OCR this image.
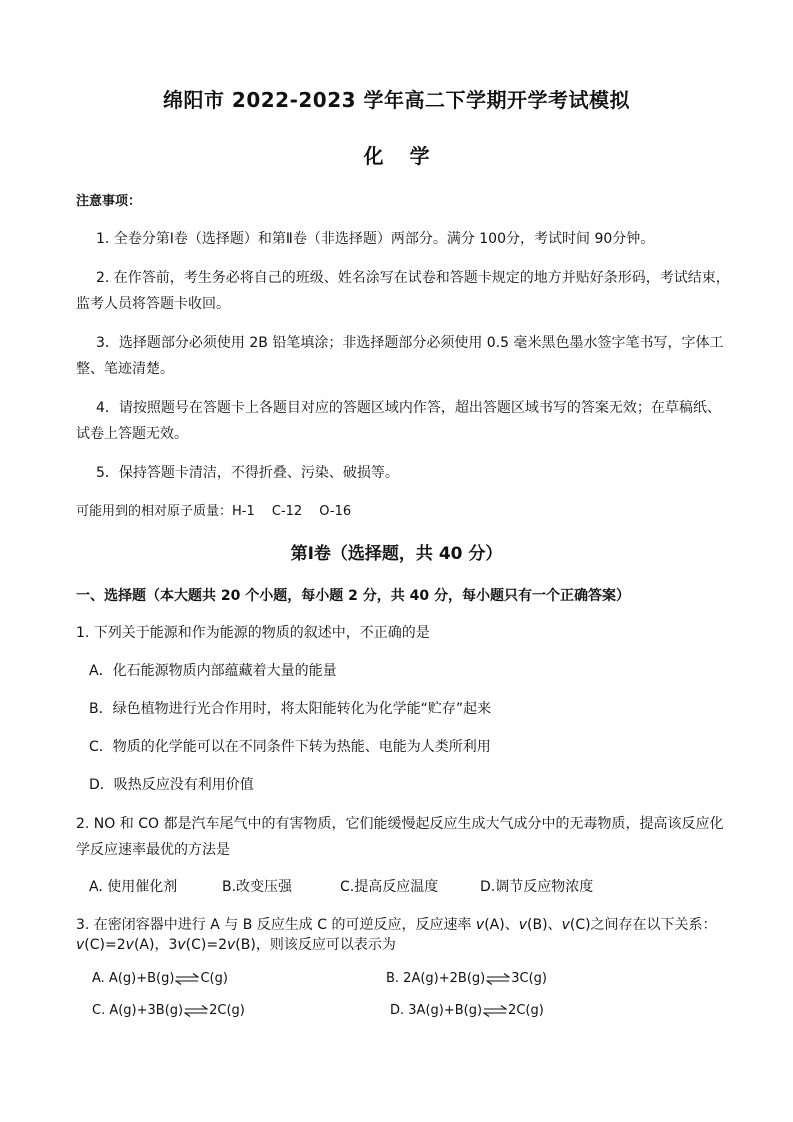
绵阳市 2022-2023 学年高二下学期开学考试模拟
化学
注意事项：
1. 全卷分第Ⅰ卷（选择题）和第Ⅱ卷（非选择题）两部分。满分 100分，考试时间 90分钟。
2. 在作答前，考生务必将自己的班级、姓名涂写在试卷和答题卡规定的地方并贴好条形码，考试结束，
监考人员将答题卡收回。
3．选择题部分必须使用 2B 铅笔填涂；非选择题部分必须使用 0.5 毫米黑色墨水签字笔书写，字体工
整、笔迹清楚。
4．请按照题号在答题卡上各题目对应的答题区域内作答，超出答题区域书写的答案无效；在草稿纸、
试卷上答题无效。
5．保持答题卡清洁，不得折叠、污染、破损等。
可能用到的相对原子质量：H-1　 C-12　 O-16
第Ⅰ卷（选择题，共 40 分）
一、选择题（本大题共 20 个小题，每小题 2 分，共 40 分，每小题只有一个正确答案）
1. 下列关于能源和作为能源的物质的叙述中，不正确的是
A．化石能源物质内部蕴藏着大量的能量
B．绿色植物进行光合作用时，将太阳能转化为化学能“贮存”起来
C．物质的化学能可以在不同条件下转为热能、电能为人类所利用
D．吸热反应没有利用价值
2. NO 和 CO 都是汽车尾气中的有害物质，它们能缓慢起反应生成大气成分中的无毒物质，提高该反应化
学反应速率最优的方法是
A. 使用催化剂	B.改变压强	C.提高反应温度	D.调节反应物浓度
3. 在密闭容器中进行 A 与 B 反应生成 C 的可逆反应，反应速率 v(A)、v(B)、v(C)之间存在以下关系：
v(C)=2v(A)，3v(C)=2v(B)，则该反应可以表示为
A. A(g)+B(g)⇌C(g)	B. 2A(g)+2B(g)⇌3C(g)
C. A(g)+3B(g)⇌2C(g)	D. 3A(g)+B(g)⇌2C(g)
